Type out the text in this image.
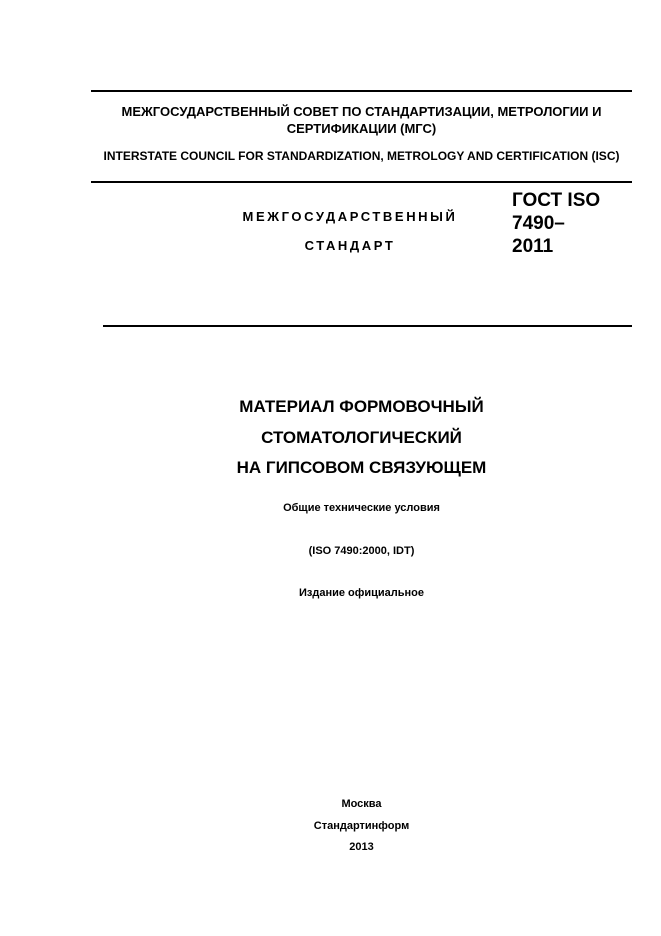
МЕЖГОСУДАРСТВЕННЫЙ СОВЕТ ПО СТАНДАРТИЗАЦИИ, МЕТРОЛОГИИ И СЕРТИФИКАЦИИ (МГС)
INTERSTATE COUNCIL FOR STANDARDIZATION, METROLOGY AND CERTIFICATION (ISC)
МЕЖГОСУДАРСТВЕННЫЙ
СТАНДАРТ
ГОСТ ISO
7490–
2011
МАТЕРИАЛ ФОРМОВОЧНЫЙ
СТОМАТОЛОГИЧЕСКИЙ
НА ГИПСОВОМ СВЯЗУЮЩЕМ
Общие технические условия
(ISO 7490:2000, IDT)
Издание официальное
Москва
Стандартинформ
2013
